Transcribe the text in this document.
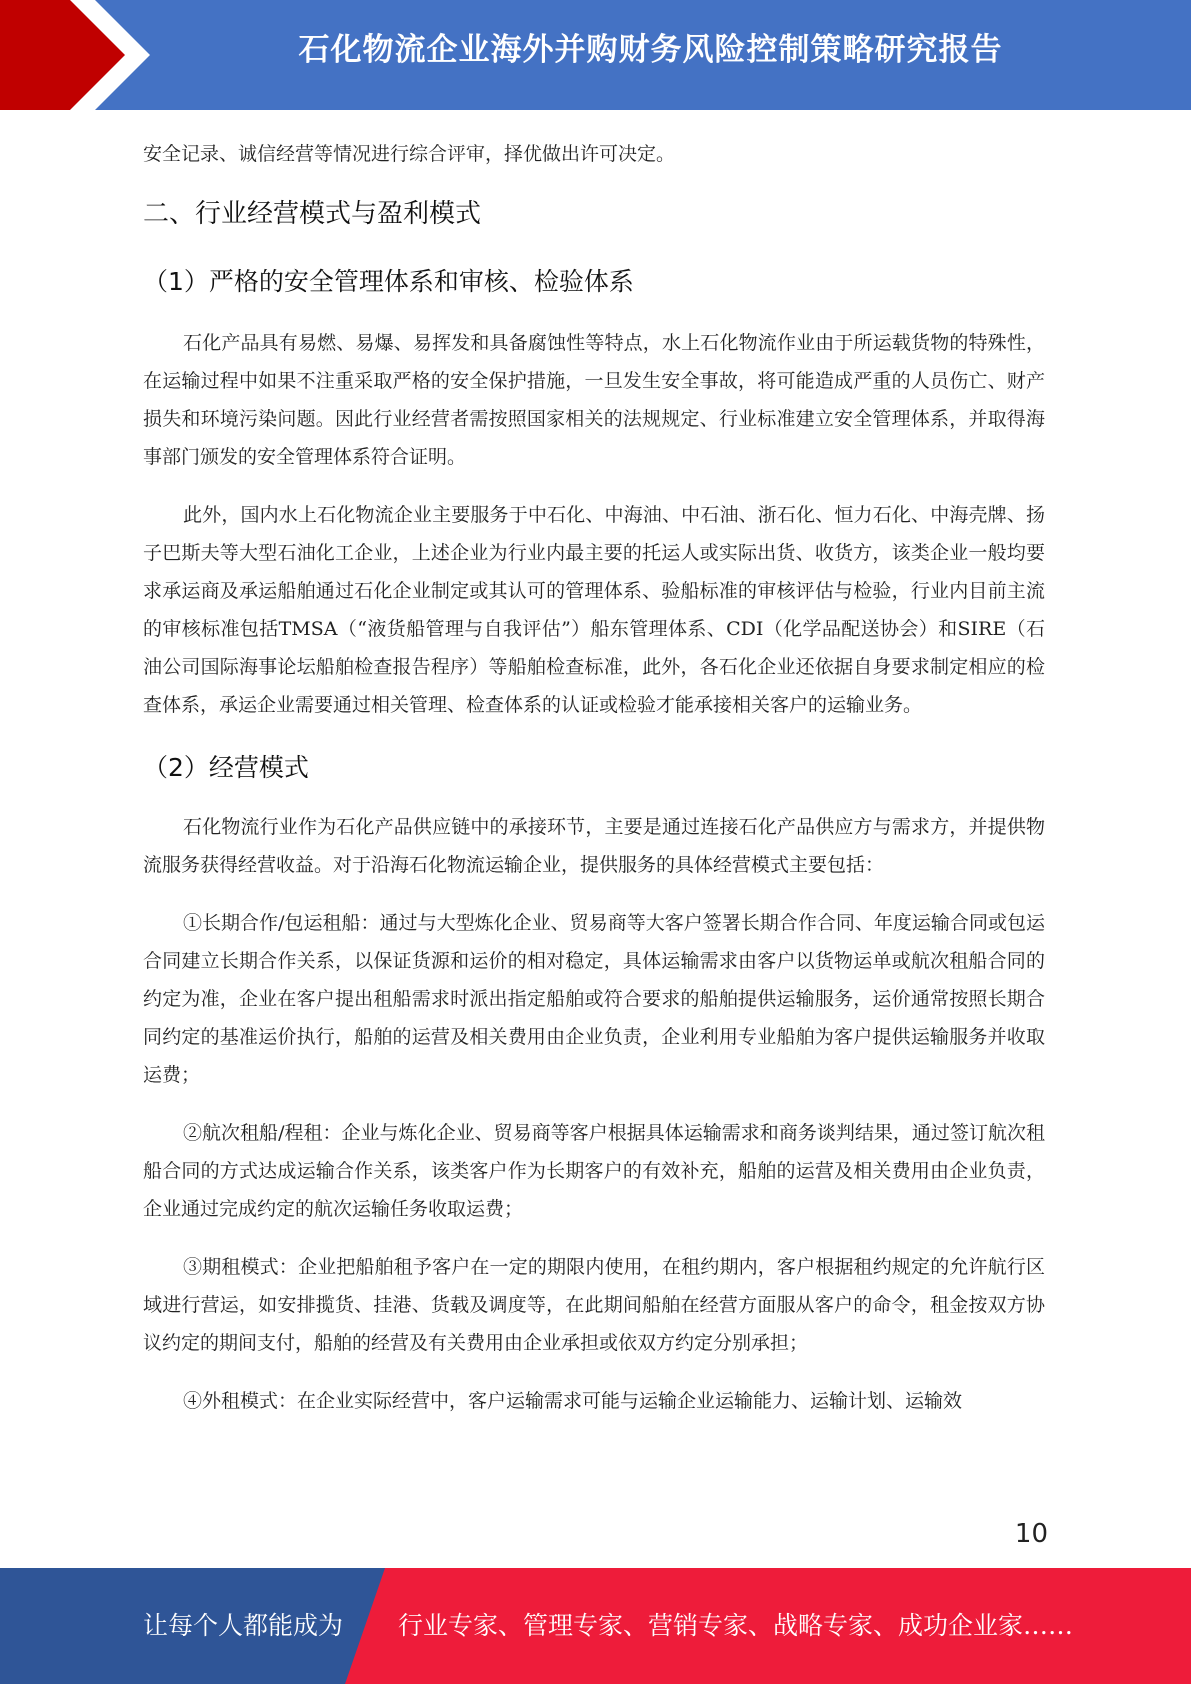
石化物流企业海外并购财务风险控制策略研究报告

安全记录、诚信经营等情况进行综合评审，择优做出许可决定。

二、行业经营模式与盈利模式
（1）严格的安全管理体系和审核、检验体系

石化产品具有易燃、易爆、易挥发和具备腐蚀性等特点，水上石化物流作业由于所运载货物的特殊性，在运输过程中如果不注重采取严格的安全保护措施，一旦发生安全事故，将可能造成严重的人员伤亡、财产损失和环境污染问题。因此行业经营者需按照国家相关的法规规定、行业标准建立安全管理体系，并取得海事部门颁发的安全管理体系符合证明。

此外，国内水上石化物流企业主要服务于中石化、中海油、中石油、浙石化、恒力石化、中海壳牌、扬子巴斯夫等大型石油化工企业，上述企业为行业内最主要的托运人或实际出货、收货方，该类企业一般均要求承运商及承运船舶通过石化企业制定或其认可的管理体系、验船标准的审核评估与检验，行业内目前主流的审核标准包括TMSA（“液货船管理与自我评估”）船东管理体系、CDI（化学品配送协会）和SIRE（石油公司国际海事论坛船舶检查报告程序）等船舶检查标准，此外，各石化企业还依据自身要求制定相应的检查体系，承运企业需要通过相关管理、检查体系的认证或检验才能承接相关客户的运输业务。

（2）经营模式

石化物流行业作为石化产品供应链中的承接环节，主要是通过连接石化产品供应方与需求方，并提供物流服务获得经营收益。对于沿海石化物流运输企业，提供服务的具体经营模式主要包括：

①长期合作/包运租船：通过与大型炼化企业、贸易商等大客户签署长期合作合同、年度运输合同或包运合同建立长期合作关系，以保证货源和运价的相对稳定，具体运输需求由客户以货物运单或航次租船合同的约定为准，企业在客户提出租船需求时派出指定船舶或符合要求的船舶提供运输服务，运价通常按照长期合同约定的基准运价执行，船舶的运营及相关费用由企业负责，企业利用专业船舶为客户提供运输服务并收取运费；

②航次租船/程租：企业与炼化企业、贸易商等客户根据具体运输需求和商务谈判结果，通过签订航次租船合同的方式达成运输合作关系，该类客户作为长期客户的有效补充，船舶的运营及相关费用由企业负责，企业通过完成约定的航次运输任务收取运费；

③期租模式：企业把船舶租予客户在一定的期限内使用，在租约期内，客户根据租约规定的允许航行区域进行营运，如安排揽货、挂港、货载及调度等，在此期间船舶在经营方面服从客户的命令，租金按双方协议约定的期间支付，船舶的经营及有关费用由企业承担或依双方约定分别承担；

④外租模式：在企业实际经营中，客户运输需求可能与运输企业运输能力、运输计划、运输效

10
让每个人都能成为 行业专家、管理专家、营销专家、战略专家、成功企业家……
